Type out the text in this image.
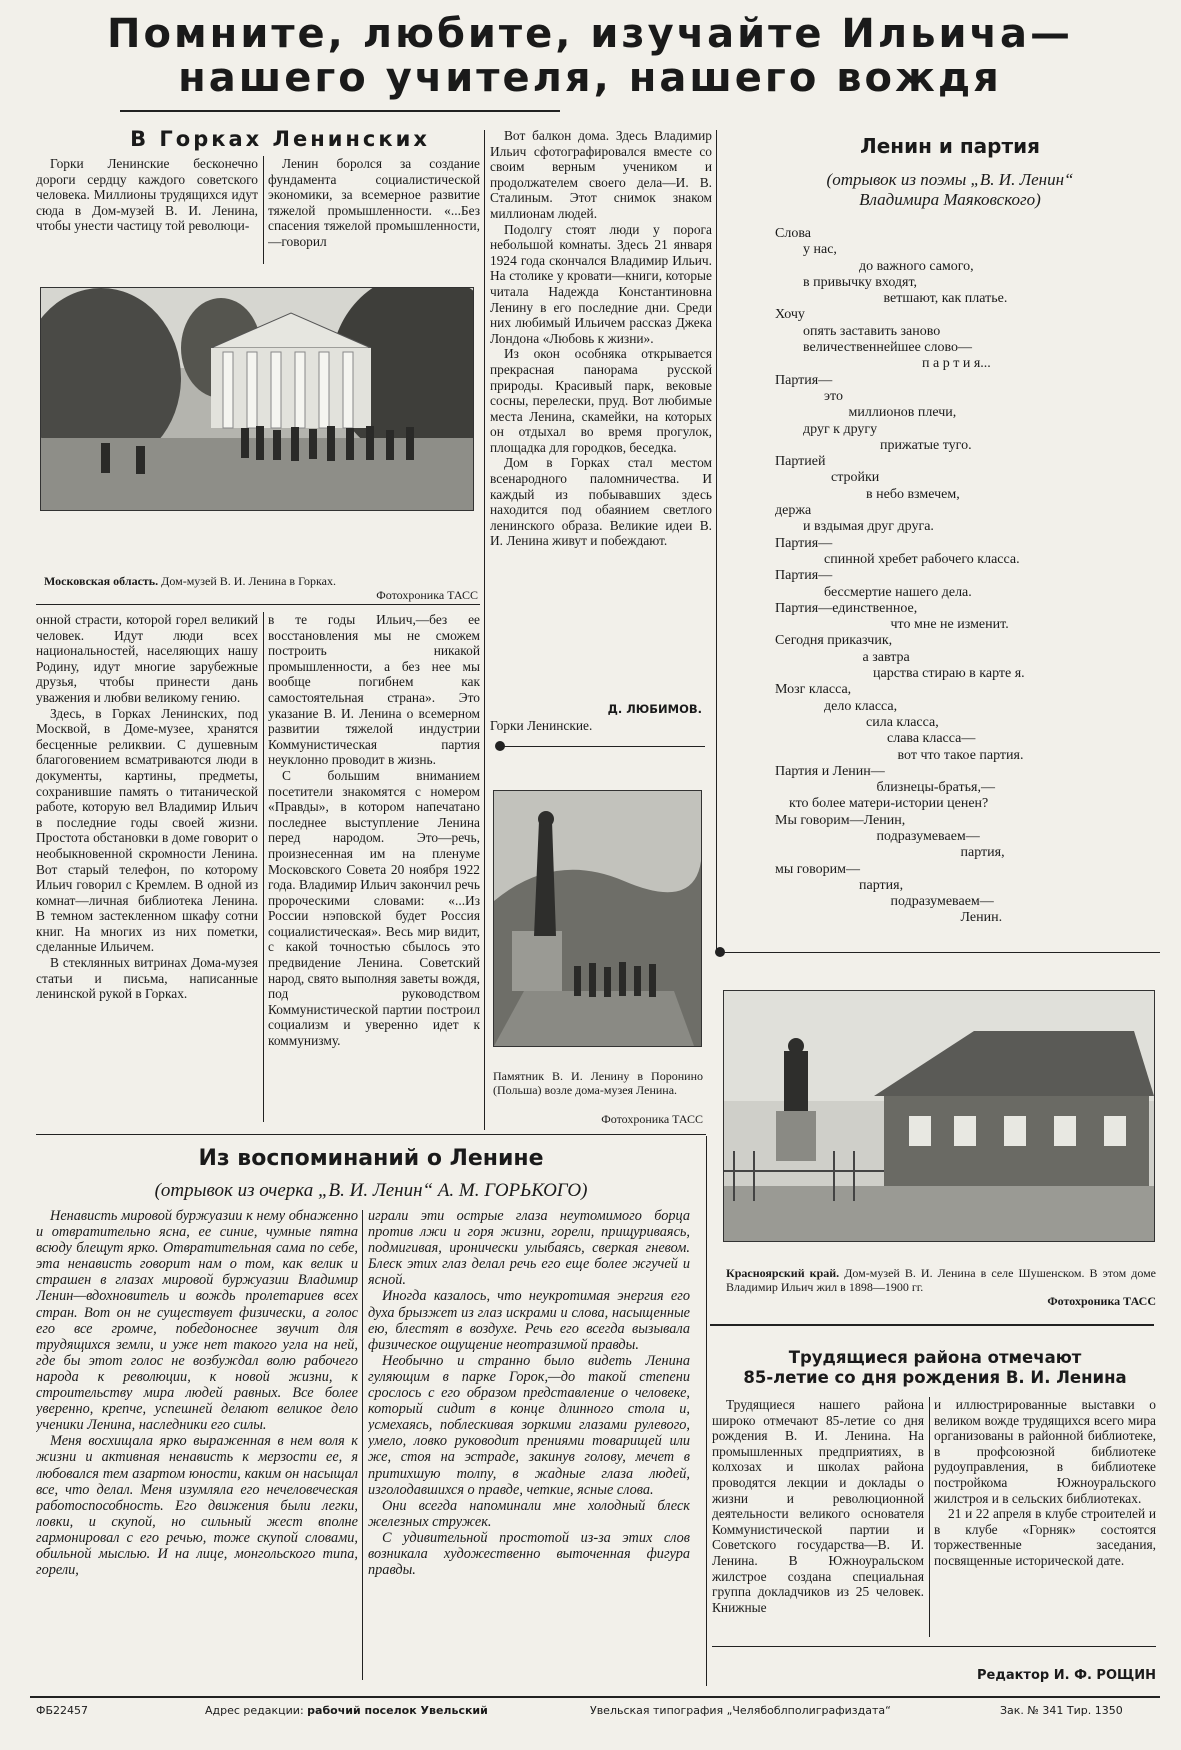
Помните, любите, изучайте Ильича—
нашего учителя, нашего вождя
В Горках Ленинских

Горки Ленинские бесконечно дороги сердцу каждого советского человека. Миллионы трудящихся идут сюда в Дом-музей В. И. Ленина, чтобы унести частицу той революци-

Ленин боролся за создание фундамента социалистической экономики, за всемерное развитие тяжелой промышленности. «...Без спасения тяжелой промышленности,—говорил

Московская область. Дом-музей В. И. Ленина в Горках.
Фотохроника ТАСС

онной страсти, которой горел великий человек. Идут люди всех национальностей, населяющих нашу Родину, идут многие зарубежные друзья, чтобы принести дань уважения и любви великому гению.

Здесь, в Горках Ленинских, под Москвой, в Доме-музее, хранятся бесценные реликвии. С душевным благоговением всматриваются люди в документы, картины, предметы, сохранившие память о титанической работе, которую вел Владимир Ильич в последние годы своей жизни. Простота обстановки в доме говорит о необыкновенной скромности Ленина. Вот старый телефон, по которому Ильич говорил с Кремлем. В одной из комнат—личная библиотека Ленина. В темном застекленном шкафу сотни книг. На многих из них пометки, сделанные Ильичем.

В стеклянных витринах Дома-музея статьи и письма, написанные ленинской рукой в Горках.

в те годы Ильич,—без ее восстановления мы не сможем построить никакой промышленности, а без нее мы вообще погибнем как самостоятельная страна». Это указание В. И. Ленина о всемерном развитии тяжелой индустрии Коммунистическая партия неуклонно проводит в жизнь.

С большим вниманием посетители знакомятся с номером «Правды», в котором напечатано последнее выступление Ленина перед народом. Это—речь, произнесенная им на пленуме Московского Совета 20 ноября 1922 года. Владимир Ильич закончил речь пророческими словами: «...Из России нэповской будет Россия социалистическая». Весь мир видит, с какой точностью сбылось это предвидение Ленина. Советский народ, свято выполняя заветы вождя, под руководством Коммунистической партии построил социализм и уверенно идет к коммунизму.

Вот балкон дома. Здесь Владимир Ильич сфотографировался вместе со своим верным учеником и продолжателем своего дела—И. В. Сталиным. Этот снимок знаком миллионам людей.

Подолгу стоят люди у порога небольшой комнаты. Здесь 21 января 1924 года скончался Владимир Ильич. На столике у кровати—книги, которые читала Надежда Константиновна Ленину в его последние дни. Среди них любимый Ильичем рассказ Джека Лондона «Любовь к жизни».

Из окон особняка открывается прекрасная панорама русской природы. Красивый парк, вековые сосны, перелески, пруд. Вот любимые места Ленина, скамейки, на которых он отдыхал во время прогулок, площадка для городков, беседка.

Дом в Горках стал местом всенародного паломничества. И каждый из побывавших здесь находится под обаянием светлого ленинского образа. Великие идеи В. И. Ленина живут и побеждают.

Д. ЛЮБИМОВ.
Горки Ленинские.
Памятник В. И. Ленину в Поронино (Польша) возле дома-музея Ленина.
Фотохроника ТАСС
Ленин и партия
(отрывок из поэмы „В. И. Ленин“
Владимира Маяковского)

Слова

у нас,

до важного самого,

в привычку входят,

ветшают, как платье.

Хочу

опять заставить заново

величественнейшее слово—

п а р т и я...

Партия—

это

миллионов плечи,

друг к другу

прижатые туго.

Партией

стройки

в небо взмечем,

держа

и вздымая друг друга.

Партия—

спинной хребет рабочего класса.

Партия—

бессмертие нашего дела.

Партия—единственное,

что мне не изменит.

Сегодня приказчик,

а завтра

царства стираю в карте я.

Мозг класса,

дело класса,

сила класса,

слава класса—

вот что такое партия.

Партия и Ленин—

близнецы-братья,—

кто более матери-истории ценен?

Мы говорим—Ленин,

подразумеваем—

партия,

мы говорим—

партия,

подразумеваем—

Ленин.

Красноярский край. Дом-музей В. И. Ленина в селе Шушенском. В этом доме Владимир Ильич жил в 1898—1900 гг.
Фотохроника ТАСС
Из воспоминаний о Ленине
(отрывок из очерка „В. И. Ленин“ А. М. ГОРЬКОГО)

Ненависть мировой буржуазии к нему обнаженно и отвратительно ясна, ее синие, чумные пятна всюду блещут ярко. Отвратительная сама по себе, эта ненависть говорит нам о том, как велик и страшен в глазах мировой буржуазии Владимир Ленин—вдохновитель и вождь пролетариев всех стран. Вот он не существует физически, а голос его все громче, победоноснее звучит для трудящихся земли, и уже нет такого угла на ней, где бы этот голос не возбуждал волю рабочего народа к революции, к новой жизни, к строительству мира людей равных. Все более уверенно, крепче, успешней делают великое дело ученики Ленина, наследники его силы.

Меня восхищала ярко выраженная в нем воля к жизни и активная ненависть к мерзости ее, я любовался тем азартом юности, каким он насыщал все, что делал. Меня изумляла его нечеловеческая работоспособность. Его движения были легки, ловки, и скупой, но сильный жест вполне гармонировал с его речью, тоже скупой словами, обильной мыслью. И на лице, монгольского типа, горели,

играли эти острые глаза неутомимого борца против лжи и горя жизни, горели, прищуриваясь, подмигивая, иронически улыбаясь, сверкая гневом. Блеск этих глаз делал речь его еще более жгучей и ясной.

Иногда казалось, что неукротимая энергия его духа брызжет из глаз искрами и слова, насыщенные ею, блестят в воздухе. Речь его всегда вызывала физическое ощущение неотразимой правды.

Необычно и странно было видеть Ленина гуляющим в парке Горок,—до такой степени срослось с его образом представление о человеке, который сидит в конце длинного стола и, усмехаясь, поблескивая зоркими глазами рулевого, умело, ловко руководит прениями товарищей или же, стоя на эстраде, закинув голову, мечет в притихшую толпу, в жадные глаза людей, изголодавшихся о правде, четкие, ясные слова.

Они всегда напоминали мне холодный блеск железных стружек.

С удивительной простотой из-за этих слов возникала художественно выточенная фигура правды.

Трудящиеся района отмечают
85-летие со дня рождения В. И. Ленина

Трудящиеся нашего района широко отмечают 85-летие со дня рождения В. И. Ленина. На промышленных предприятиях, в колхозах и школах района проводятся лекции и доклады о жизни и революционной деятельности великого основателя Коммунистической партии и Советского государства—В. И. Ленина. В Южноуральском жилстрое создана специальная группа докладчиков из 25 человек. Книжные

и иллюстрированные выставки о великом вожде трудящихся всего мира организованы в районной библиотеке, в профсоюзной библиотеке рудоуправления, в библиотеке постройкома Южноуральского жилстроя и в сельских библиотеках.

21 и 22 апреля в клубе строителей и в клубе «Горняк» состоятся торжественные заседания, посвященные исторической дате.

Редактор И. Ф. РОЩИН
ФБ22457	Адрес редакции: рабочий поселок Увельский	Увельская типография „Челябоблполиграфиздата“	Зак. № 341 Тир. 1350
